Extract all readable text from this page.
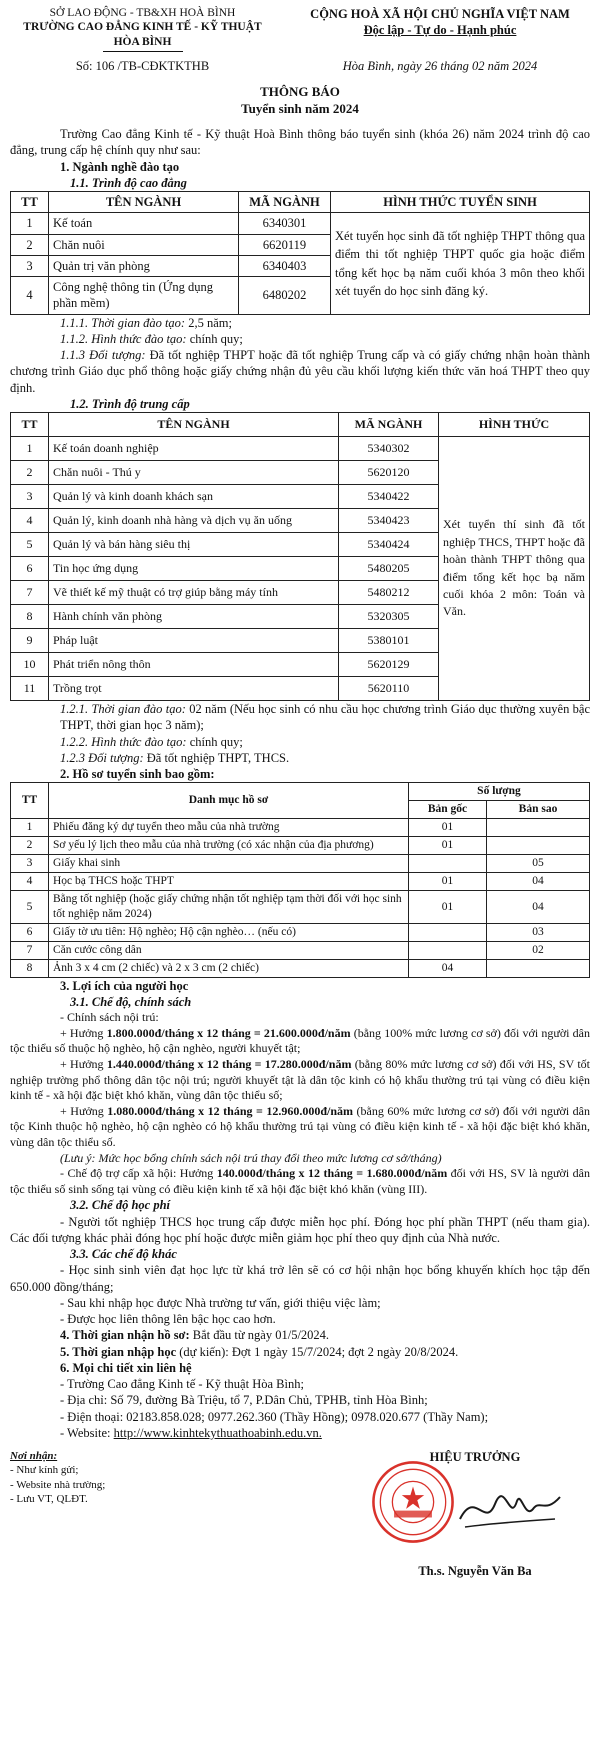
SỞ LAO ĐỘNG - TB&XH HOÀ BÌNH
TRƯỜNG CAO ĐẲNG KINH TẾ - KỸ THUẬT
HÒA BÌNH
CỘNG HOÀ XÃ HỘI CHỦ NGHĨA VIỆT NAM
Độc lập - Tự do - Hạnh phúc
Số: 106 /TB-CĐKTKTHB	Hòa Bình, ngày 26 tháng 02 năm 2024
THÔNG BÁO
Tuyển sinh năm 2024

Trường Cao đẳng Kinh tế - Kỹ thuật Hoà Bình thông báo tuyển sinh (khóa 26) năm 2024 trình độ cao đẳng, trung cấp hệ chính quy như sau:

1. Ngành nghề đào tạo
1.1. Trình độ cao đẳng
TT	TÊN NGÀNH	MÃ NGÀNH	HÌNH THỨC TUYỂN SINH
1	Kế toán	6340301	Xét tuyển học sinh đã tốt nghiệp THPT thông qua điểm thi tốt nghiệp THPT quốc gia hoặc điểm tổng kết học bạ năm cuối khóa 3 môn theo khối xét tuyển do học sinh đăng ký.
2	Chăn nuôi	6620119	
3	Quản trị văn phòng	6340403	
4	Công nghệ thông tin (Ứng dụng phần mềm)	6480202	

1.1.1. Thời gian đào tạo: 2,5 năm;

1.1.2. Hình thức đào tạo: chính quy;

1.1.3 Đối tượng: Đã tốt nghiệp THPT hoặc đã tốt nghiệp Trung cấp và có giấy chứng nhận hoàn thành chương trình Giáo dục phổ thông hoặc giấy chứng nhận đủ yêu cầu khối lượng kiến thức văn hoá THPT theo quy định.

1.2. Trình độ trung cấp
TT	TÊN NGÀNH	MÃ NGÀNH	HÌNH THỨC
1	Kế toán doanh nghiệp	5340302	Xét tuyển thí sinh đã tốt nghiệp THCS, THPT hoặc đã hoàn thành THPT thông qua điểm tổng kết học bạ năm cuối khóa 2 môn: Toán và Văn.
2	Chăn nuôi - Thú y	5620120	
3	Quản lý và kinh doanh khách sạn	5340422	
4	Quản lý, kinh doanh nhà hàng và dịch vụ ăn uống	5340423	
5	Quản lý và bán hàng siêu thị	5340424	
6	Tin học ứng dụng	5480205	
7	Vẽ thiết kế mỹ thuật có trợ giúp bằng máy tính	5480212	
8	Hành chính văn phòng	5320305	
9	Pháp luật	5380101	
10	Phát triển nông thôn	5620129	
11	Trồng trọt	5620110	

1.2.1. Thời gian đào tạo: 02 năm (Nếu học sinh có nhu cầu học chương trình Giáo dục thường xuyên bậc THPT, thời gian học 3 năm);

1.2.2. Hình thức đào tạo: chính quy;

1.2.3 Đối tượng: Đã tốt nghiệp THPT, THCS.

2. Hồ sơ tuyển sinh bao gồm:
TT	Danh mục hồ sơ	Số lượng	
		Bản gốc	Bản sao
1	Phiếu đăng ký dự tuyển theo mẫu của nhà trường	01	
2	Sơ yếu lý lịch theo mẫu của nhà trường (có xác nhận của địa phương)	01	
3	Giấy khai sinh		05
4	Học bạ THCS hoặc THPT	01	04
5	Bằng tốt nghiệp (hoặc giấy chứng nhận tốt nghiệp tạm thời đối với học sinh tốt nghiệp năm 2024)	01	04
6	Giấy tờ ưu tiên: Hộ nghèo; Hộ cận nghèo… (nếu có)		03
7	Căn cước công dân		02
8	Ảnh 3 x 4 cm (2 chiếc) và 2 x 3 cm (2 chiếc)	04	
3. Lợi ích của người học
3.1. Chế độ, chính sách

- Chính sách nội trú:

+ Hưởng 1.800.000đ/tháng x 12 tháng = 21.600.000đ/năm (bằng 100% mức lương cơ sở) đối với người dân tộc thiểu số thuộc hộ nghèo, hộ cận nghèo, người khuyết tật;

+ Hưởng 1.440.000đ/tháng x 12 tháng = 17.280.000đ/năm (bằng 80% mức lương cơ sở) đối với HS, SV tốt nghiệp trường phổ thông dân tộc nội trú; người khuyết tật là dân tộc kinh có hộ khẩu thường trú tại vùng có điều kiện kinh tế - xã hội đặc biệt khó khăn, vùng dân tộc thiểu số;

+ Hưởng 1.080.000đ/tháng x 12 tháng = 12.960.000đ/năm (bằng 60% mức lương cơ sở) đối với người dân tộc Kinh thuộc hộ nghèo, hộ cận nghèo có hộ khẩu thường trú tại vùng có điều kiện kinh tế - xã hội đặc biệt khó khăn, vùng dân tộc thiểu số.

(Lưu ý: Mức học bổng chính sách nội trú thay đổi theo mức lương cơ sở/tháng)

- Chế độ trợ cấp xã hội: Hưởng 140.000đ/tháng x 12 tháng = 1.680.000đ/năm đối với HS, SV là người dân tộc thiểu số sinh sống tại vùng có điều kiện kinh tế xã hội đặc biệt khó khăn (vùng III).

3.2. Chế độ học phí

- Người tốt nghiệp THCS học trung cấp được miễn học phí. Đóng học phí phần THPT (nếu tham gia). Các đối tượng khác phải đóng học phí hoặc được miễn giảm học phí theo quy định của Nhà nước.

3.3. Các chế độ khác

- Học sinh sinh viên đạt học lực từ khá trở lên sẽ có cơ hội nhận học bổng khuyến khích học tập đến 650.000 đồng/tháng;

- Sau khi nhập học được Nhà trường tư vấn, giới thiệu việc làm;

- Được học liên thông lên bậc học cao hơn.

4. Thời gian nhận hồ sơ: Bắt đầu từ ngày 01/5/2024.

5. Thời gian nhập học (dự kiến): Đợt 1 ngày 15/7/2024; đợt 2 ngày 20/8/2024.

6. Mọi chi tiết xin liên hệ

- Trường Cao đẳng Kinh tế - Kỹ thuật Hòa Bình;

- Địa chỉ: Số 79, đường Bà Triệu, tổ 7, P.Dân Chủ, TPHB, tỉnh Hòa Bình;

- Điện thoại: 02183.858.028; 0977.262.360 (Thầy Hồng); 0978.020.677 (Thầy Nam);

- Website: http://www.kinhtekythuathoabinh.edu.vn.

Nơi nhận:
- Như kính gửi;
- Website nhà trường;
- Lưu VT, QLĐT.
HIỆU TRƯỞNG
Th.s. Nguyễn Văn Ba
